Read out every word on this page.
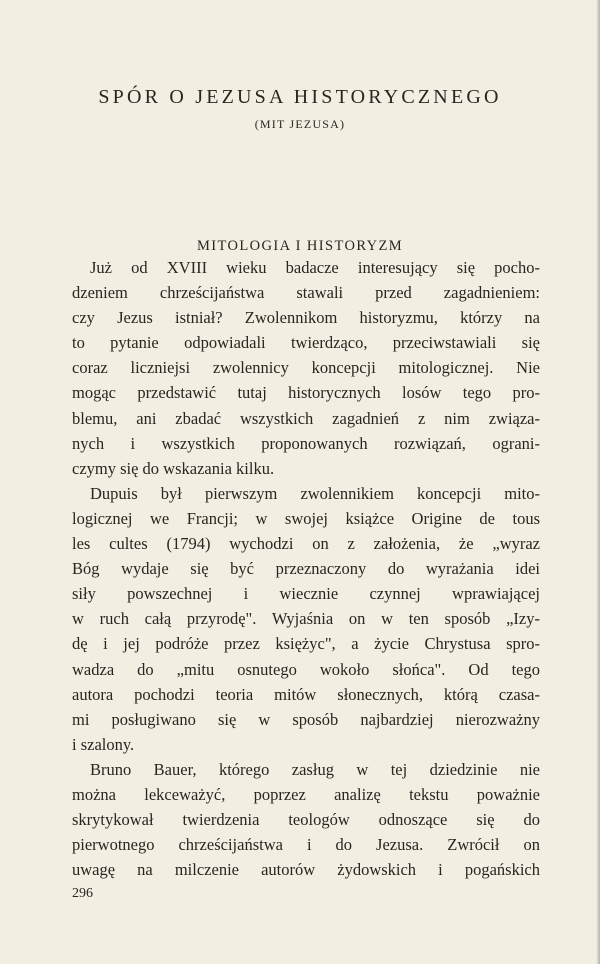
SPÓR O JEZUSA HISTORYCZNEGO
(MIT JEZUSA)
MITOLOGIA I HISTORYZM
Już od XVIII wieku badacze interesujący się pocho-
dzeniem chrześcijaństwa stawali przed zagadnieniem:
czy Jezus istniał? Zwolennikom historyzmu, którzy na
to pytanie odpowiadali twierdząco, przeciwstawiali się
coraz liczniejsi zwolennicy koncepcji mitologicznej. Nie
mogąc przedstawić tutaj historycznych losów tego pro-
blemu, ani zbadać wszystkich zagadnień z nim związa-
nych i wszystkich proponowanych rozwiązań, ograni-
czymy się do wskazania kilku.
Dupuis był pierwszym zwolennikiem koncepcji mito-
logicznej we Francji; w swojej książce Origine de tous
les cultes (1794) wychodzi on z założenia, że „wyraz
Bóg wydaje się być przeznaczony do wyrażania idei
siły powszechnej i wiecznie czynnej wprawiającej
w ruch całą przyrodę". Wyjaśnia on w ten sposób „Izy-
dę i jej podróże przez księżyc", a życie Chrystusa spro-
wadza do „mitu osnutego wokoło słońca". Od tego
autora pochodzi teoria mitów słonecznych, którą czasa-
mi posługiwano się w sposób najbardziej nierozważny
i szalony.
Bruno Bauer, którego zasług w tej dziedzinie nie
można lekceważyć, poprzez analizę tekstu poważnie
skrytykował twierdzenia teologów odnoszące się do
pierwotnego chrześcijaństwa i do Jezusa. Zwrócił on
uwagę na milczenie autorów żydowskich i pogańskich
296
